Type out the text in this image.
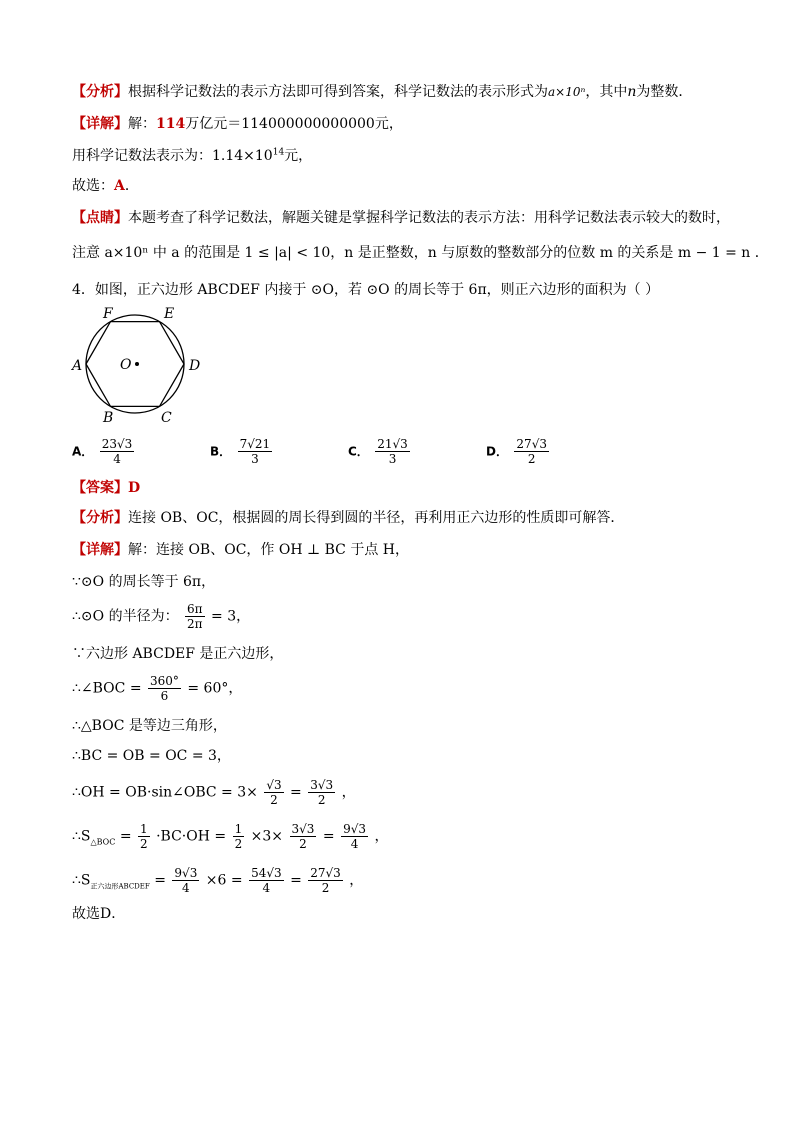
【分析】根据科学记数法的表示方法即可得到答案，科学记数法的表示形式为a×10ⁿ，其中n为整数．
【详解】解：114万亿元＝114000000000000元，
用科学记数法表示为：$1.14\times 10^{14}$元，
故选：A．
【点睛】本题考查了科学记数法，解题关键是掌握科学记数法的表示方法：用科学记数法表示较大的数时，
注意 a×10ⁿ 中 a 的范围是 1 ≤ |a| < 10，n 是正整数，n 与原数的整数部分的位数 m 的关系是 m − 1 = n ．
4．如图，正六边形 ABCDEF 内接于 ⊙O，若 ⊙O 的周长等于 6π，则正六边形的面积为（ ）
F	E
A	D
B	C
O
A． $\frac{23√3}{4}$	B． $\frac{7√21}{3}$	C． $\frac{21√3}{3}$	D． $\frac{27√3}{2}$
【答案】D
【分析】连接 OB、OC，根据圆的周长得到圆的半径，再利用正六边形的性质即可解答．
【详解】解：连接 OB、OC，作 OH ⊥ BC 于点 H，
∵⊙O 的周长等于 6π，
∴⊙O 的半径为： $\frac{6\pi}{2\pi} = 3$，
∵六边形 ABCDEF 是正六边形，
∴∠BOC = $\frac{360^\circ}{6} = 60^\circ$，
∴△BOC 是等边三角形，
∴BC = OB = OC = 3，
∴OH = OB·sin∠OBC = $3\times \frac{√3}{2} = \frac{3√3}{2}$ ，
$\therefore S_{\triangle BOC} = \frac{1}{2} \cdot BC\cdot OH = \frac{1}{2} \times 3\times \frac{3√3}{2} = \frac{9√3}{4}$ ，
$\therefore S_{正六边形ABCDEF} = \frac{9√3}{4} \times 6 = \frac{54√3}{4} = \frac{27√3}{2}$ ，
故选D．
